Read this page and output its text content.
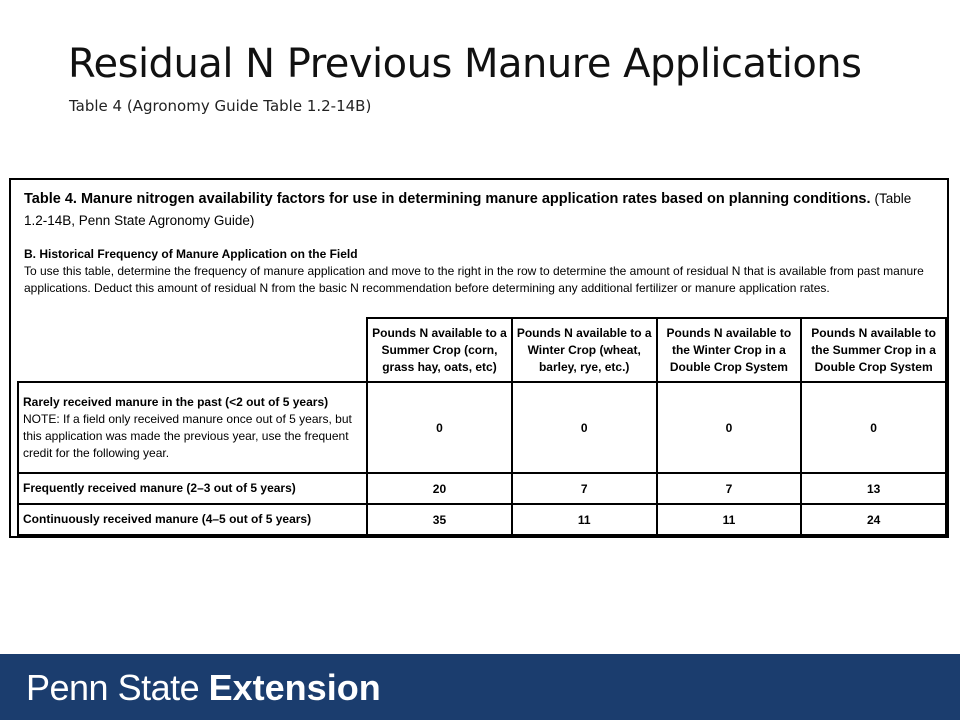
Residual N Previous Manure Applications
Table 4 (Agronomy Guide Table 1.2-14B)
Table 4. Manure nitrogen availability factors for use in determining manure application rates based on planning conditions. (Table 1.2-14B, Penn State Agronomy Guide)
B. Historical Frequency of Manure Application on the Field
To use this table, determine the frequency of manure application and move to the right in the row to determine the amount of residual N that is available from past manure applications. Deduct this amount of residual N from the basic N recommendation before determining any additional fertilizer or manure application rates.
	Pounds N available to a Summer Crop (corn, grass hay, oats, etc)	Pounds N available to a Winter Crop (wheat, barley, rye, etc.)	Pounds N available to the Winter Crop in a Double Crop System	Pounds N available to the Summer Crop in a Double Crop System
Rarely received manure in the past (<2 out of 5 years)
NOTE: If a field only received manure once out of 5 years, but this application was made the previous year, use the frequent credit for the following year.	0	0	0	0
Frequently received manure (2–3 out of 5 years)	20	7	7	13
Continuously received manure (4–5 out of 5 years)	35	11	11	24
Penn State Extension
